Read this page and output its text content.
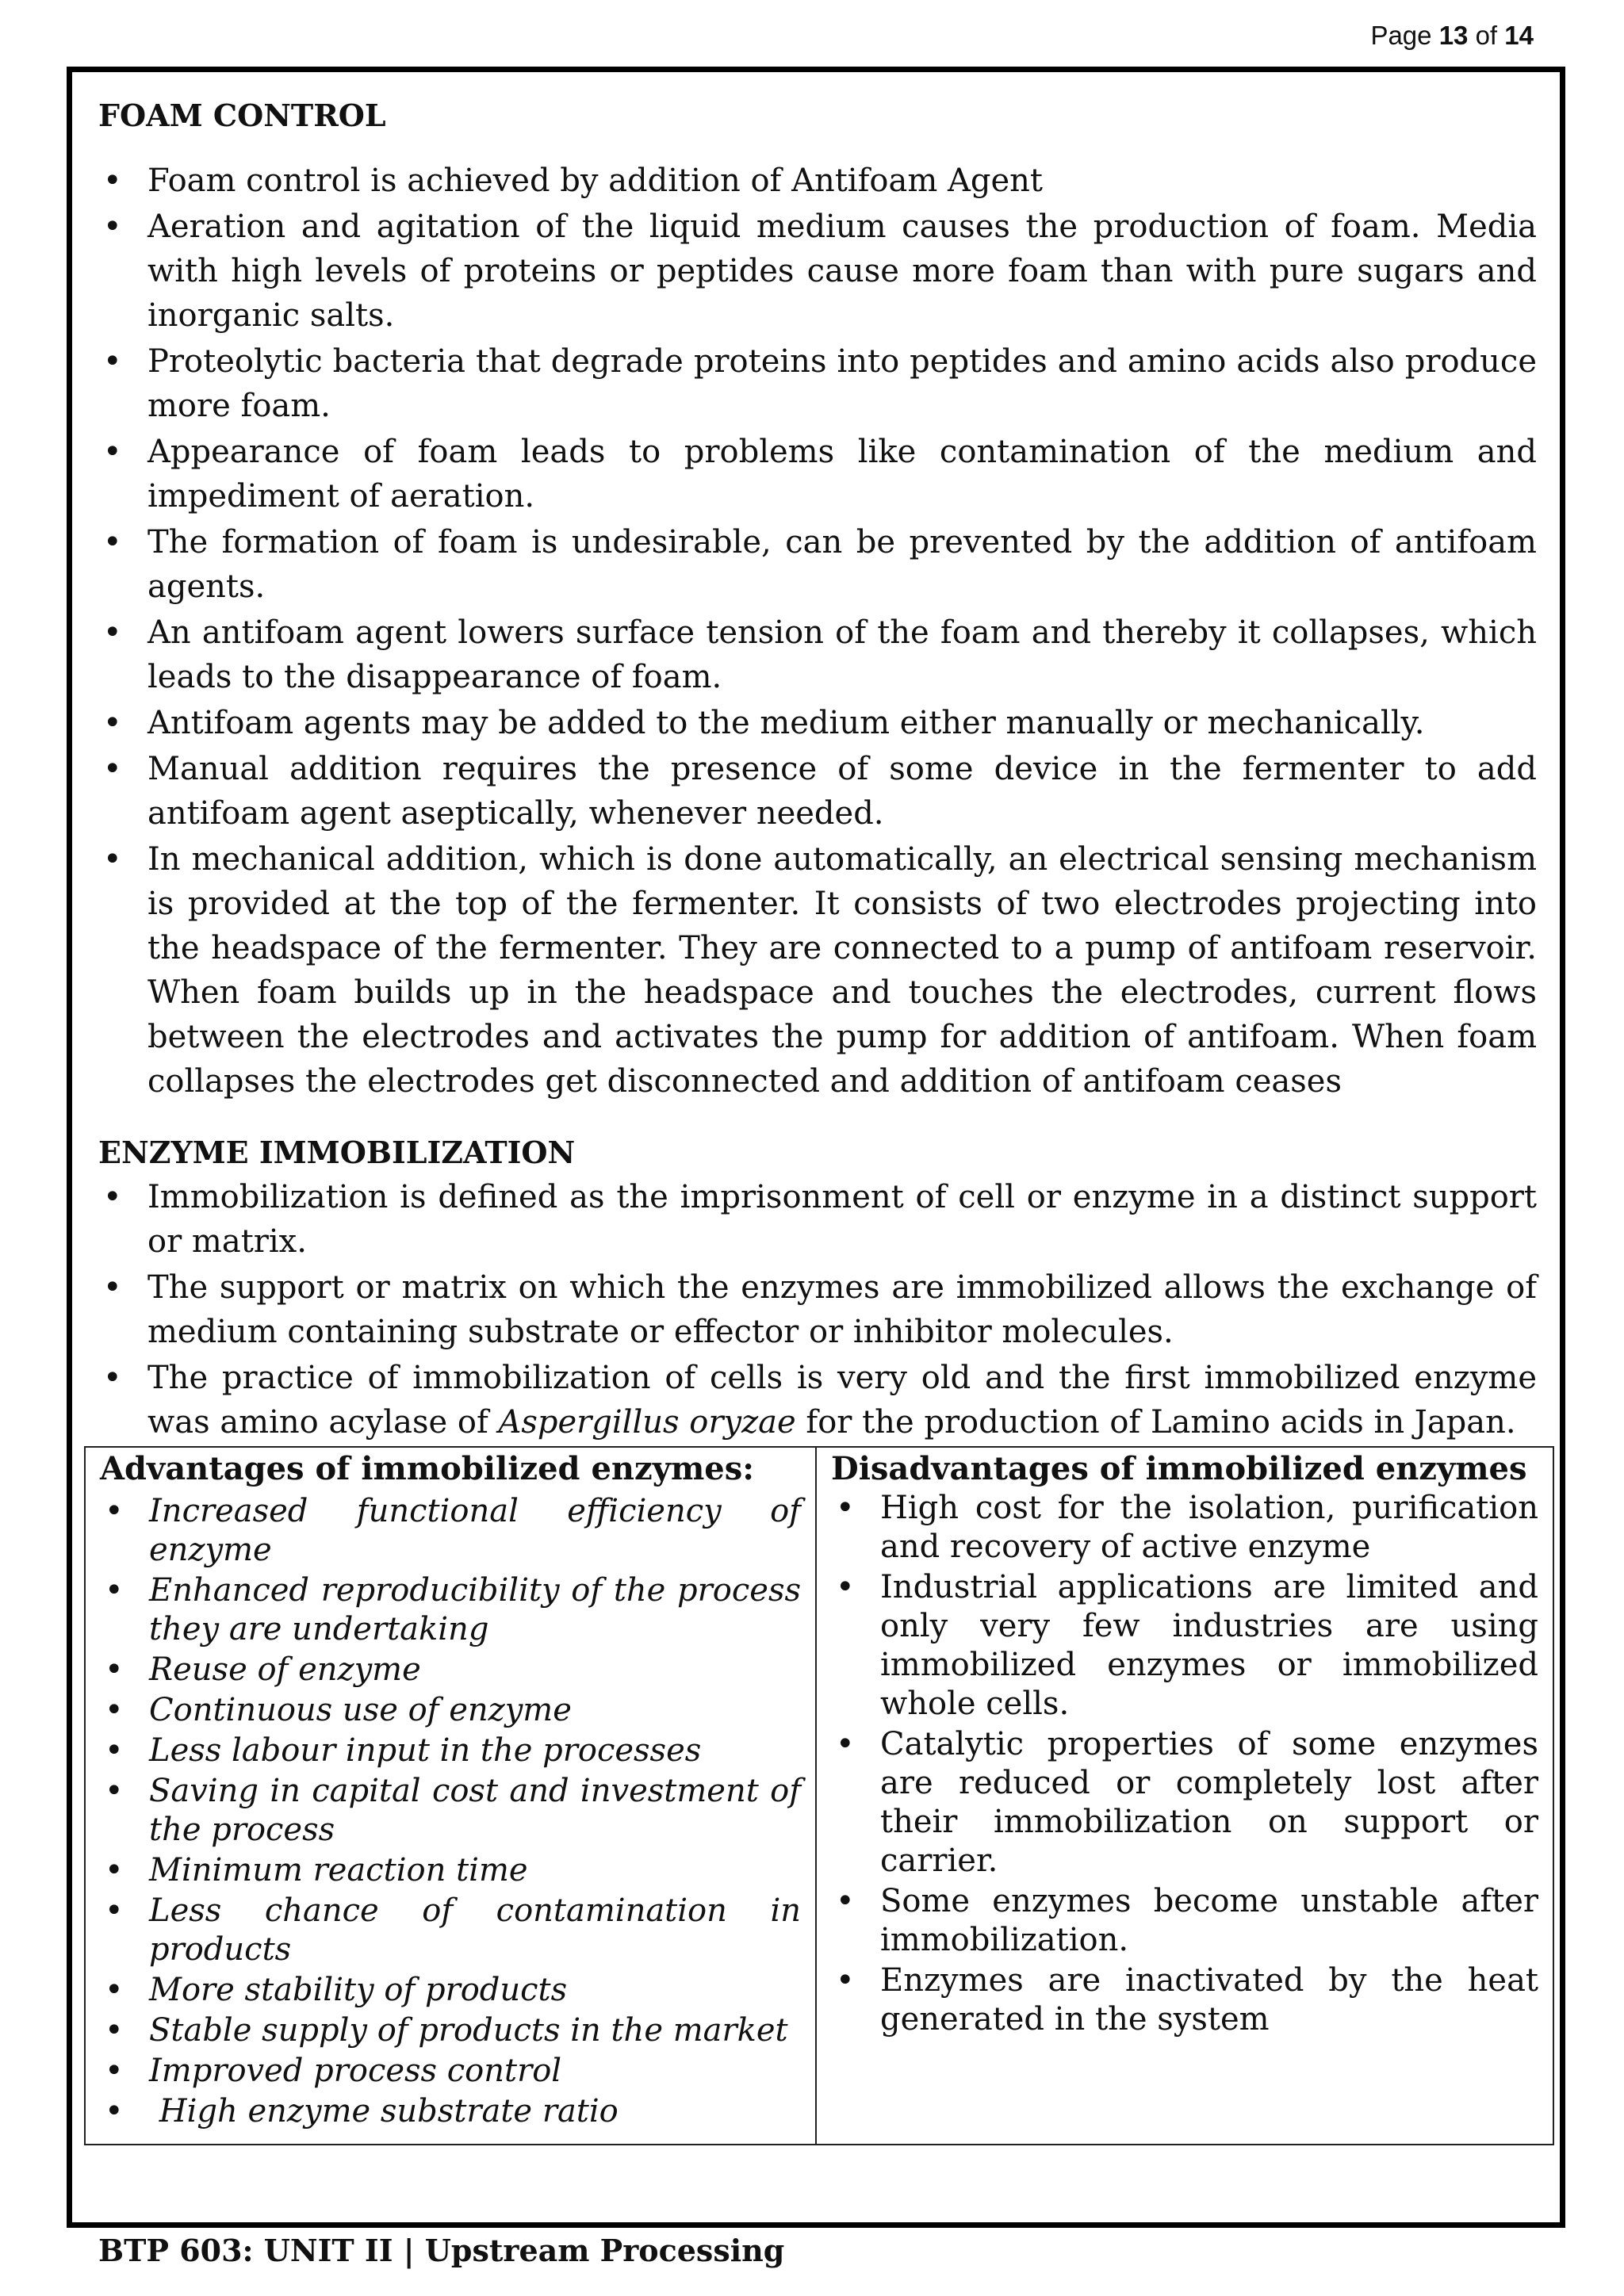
Page 13 of 14
FOAM CONTROL
• Foam control is achieved by addition of Antifoam Agent
• Aeration and agitation of the liquid medium causes the production of foam. Media with high levels of proteins or peptides cause more foam than with pure sugars and inorganic salts.
• Proteolytic bacteria that degrade proteins into peptides and amino acids also produce more foam.
• Appearance of foam leads to problems like contamination of the medium and impediment of aeration.
• The formation of foam is undesirable, can be prevented by the addition of antifoam agents.
• An antifoam agent lowers surface tension of the foam and thereby it collapses, which leads to the disappearance of foam.
• Antifoam agents may be added to the medium either manually or mechanically.
• Manual addition requires the presence of some device in the fermenter to add antifoam agent aseptically, whenever needed.
• In mechanical addition, which is done automatically, an electrical sensing mechanism is provided at the top of the fermenter. It consists of two electrodes projecting into the headspace of the fermenter. They are connected to a pump of antifoam reservoir. When foam builds up in the headspace and touches the electrodes, current flows between the electrodes and activates the pump for addition of antifoam. When foam collapses the electrodes get disconnected and addition of antifoam ceases
ENZYME IMMOBILIZATION
• Immobilization is defined as the imprisonment of cell or enzyme in a distinct support or matrix.
• The support or matrix on which the enzymes are immobilized allows the exchange of medium containing substrate or effector or inhibitor molecules.
• The practice of immobilization of cells is very old and the first immobilized enzyme was amino acylase of Aspergillus oryzae for the production of Lamino acids in Japan.
Advantages of immobilized enzymes:
• Increased functional efficiency of enzyme
• Enhanced reproducibility of the process they are undertaking
• Reuse of enzyme
• Continuous use of enzyme
• Less labour input in the processes
• Saving in capital cost and investment of the process
• Minimum reaction time
• Less chance of contamination in products
• More stability of products
• Stable supply of products in the market
• Improved process control
• High enzyme substrate ratio
Disadvantages of immobilized enzymes
• High cost for the isolation, purification and recovery of active enzyme
• Industrial applications are limited and only very few industries are using immobilized enzymes or immobilized whole cells.
• Catalytic properties of some enzymes are reduced or completely lost after their immobilization on support or carrier.
• Some enzymes become unstable after immobilization.
• Enzymes are inactivated by the heat generated in the system
BTP 603: UNIT II | Upstream Processing
